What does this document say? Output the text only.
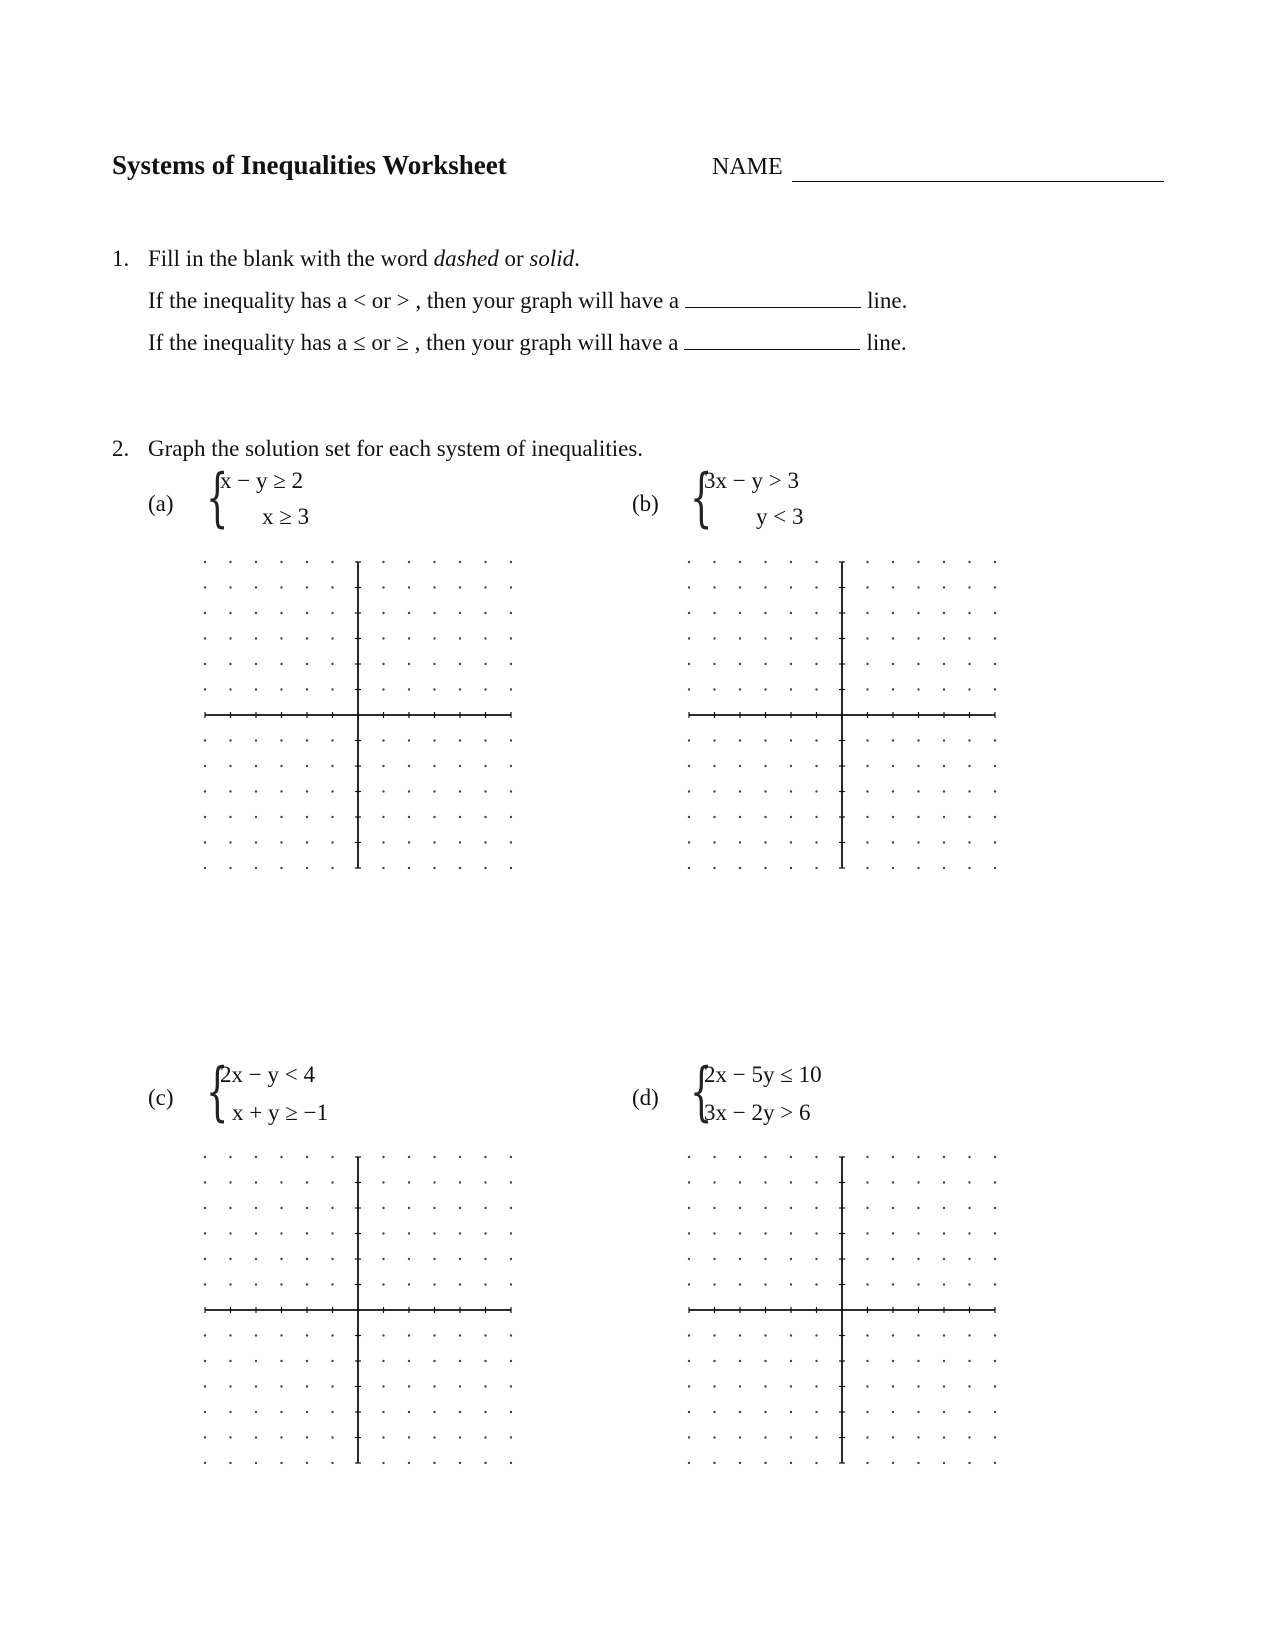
Systems of Inequalities Worksheet	NAME
1. Fill in the blank with the word dashed or solid.
If the inequality has a < or > , then your graph will have a	line.
If the inequality has a ≤ or ≥ , then your graph will have a	line.
2. Graph the solution set for each system of inequalities.
(a) {
x − y ≥ 2
x ≥ 3
(b) {
3x − y > 3
y < 3
(c) {
2x − y < 4
x + y ≥ −1
(d) {
2x − 5y ≤ 10
3x − 2y > 6
